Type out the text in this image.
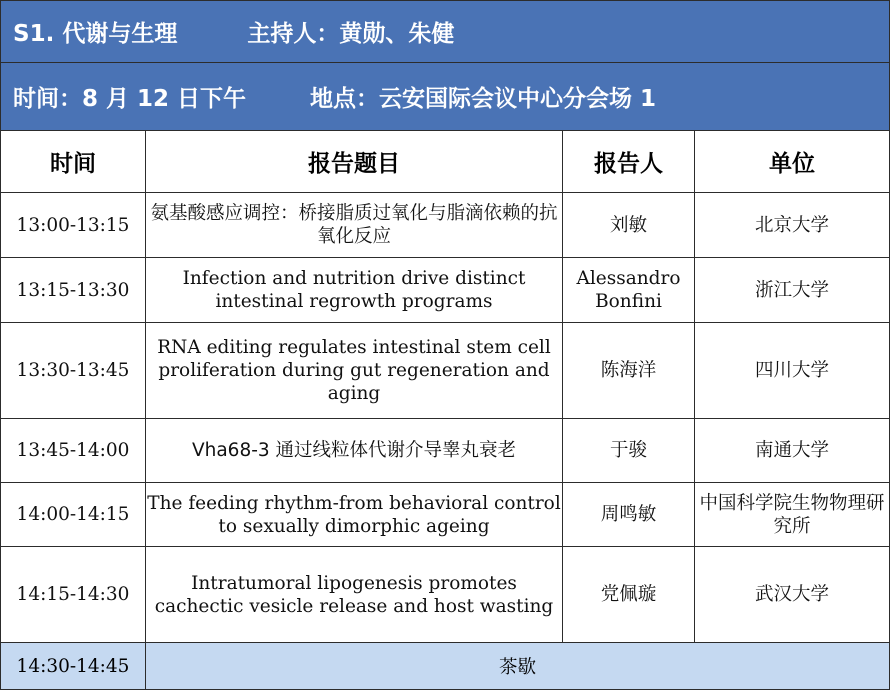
S1. 代谢与生理 主持人：黄勋、朱健			
时间：8 月 12 日下午 地点：云安国际会议中心分会场 1			
时间	报告题目	报告人	单位
13:00-13:15	氨基酸感应调控：桥接脂质过氧化与脂滴依赖的抗氧化反应	刘敏	北京大学
13:15-13:30	Infection and nutrition drive distinct intestinal regrowth programs	Alessandro Bonfini	浙江大学
13:30-13:45	RNA editing regulates intestinal stem cell proliferation during gut regeneration and aging	陈海洋	四川大学
13:45-14:00	Vha68-3 通过线粒体代谢介导睾丸衰老	于骏	南通大学
14:00-14:15	The feeding rhythm-from behavioral control to sexually dimorphic ageing	周鸣敏	中国科学院生物物理研究所
14:15-14:30	Intratumoral lipogenesis promotes cachectic vesicle release and host wasting	党佩璇	武汉大学
14:30-14:45	茶歇		
